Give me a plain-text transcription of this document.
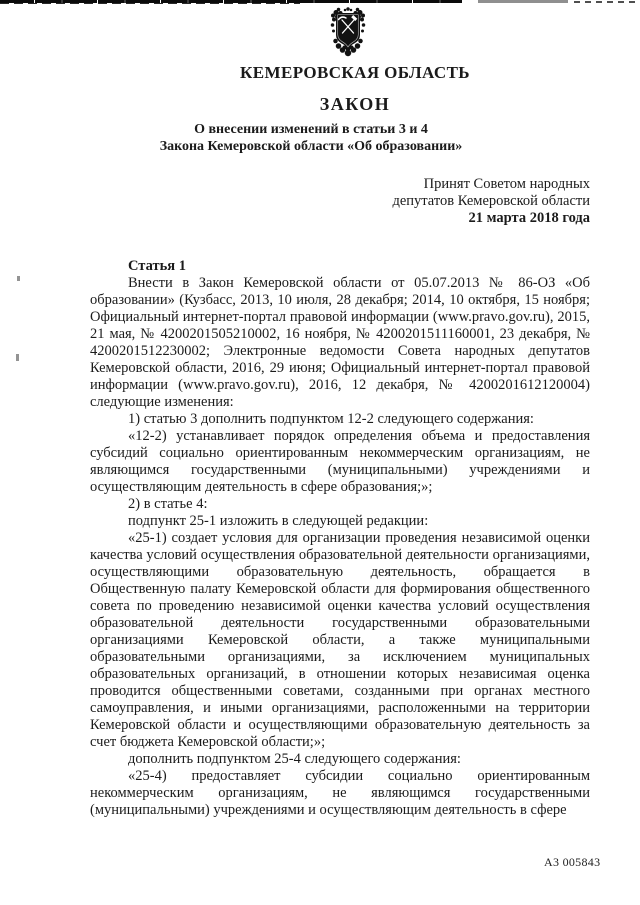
КЕМЕРОВСКАЯ ОБЛАСТЬ
ЗАКОН
О внесении изменений в статьи 3 и 4
Закона Кемеровской области «Об образовании»
Принят Советом народных
депутатов Кемеровской области
21 марта 2018 года

Статья 1

Внести в Закон Кемеровской области от 05.07.2013 № 86-ОЗ «Об образовании» (Кузбасс, 2013, 10 июля, 28 декабря; 2014, 10 октября, 15 ноября; Официальный интернет-портал правовой информации (www.pravo.gov.ru), 2015, 21 мая, № 4200201505210002, 16 ноября, № 4200201511160001, 23 декабря, № 4200201512230002; Электронные ведомости Совета народных депутатов Кемеровской области, 2016, 29 июня; Официальный интернет-портал правовой информации (www.pravo.gov.ru), 2016, 12 декабря, № 4200201612120004) следующие изменения:

1) статью 3 дополнить подпунктом 12-2 следующего содержания:

«12-2) устанавливает порядок определения объема и предоставления субсидий социально ориентированным некоммерческим организациям, не являющимся государственными (муниципальными) учреждениями и осуществляющим деятельность в сфере образования;»;

2) в статье 4:

подпункт 25-1 изложить в следующей редакции:

«25-1) создает условия для организации проведения независимой оценки качества условий осуществления образовательной деятельности организациями, осуществляющими образовательную деятельность, обращается в Общественную палату Кемеровской области для формирования общественного совета по проведению независимой оценки качества условий осуществления образовательной деятельности государственными образовательными организациями Кемеровской области, а также муниципальными образовательными организациями, за исключением муниципальных образовательных организаций, в отношении которых независимая оценка проводится общественными советами, созданными при органах местного самоуправления, и иными организациями, расположенными на территории Кемеровской области и осуществляющими образовательную деятельность за счет бюджета Кемеровской области;»;

дополнить подпунктом 25-4 следующего содержания:

«25-4) предоставляет субсидии социально ориентированным некоммерческим организациям, не являющимся государственными (муниципальными) учреждениями и осуществляющим деятельность в сфере

А3 005843
